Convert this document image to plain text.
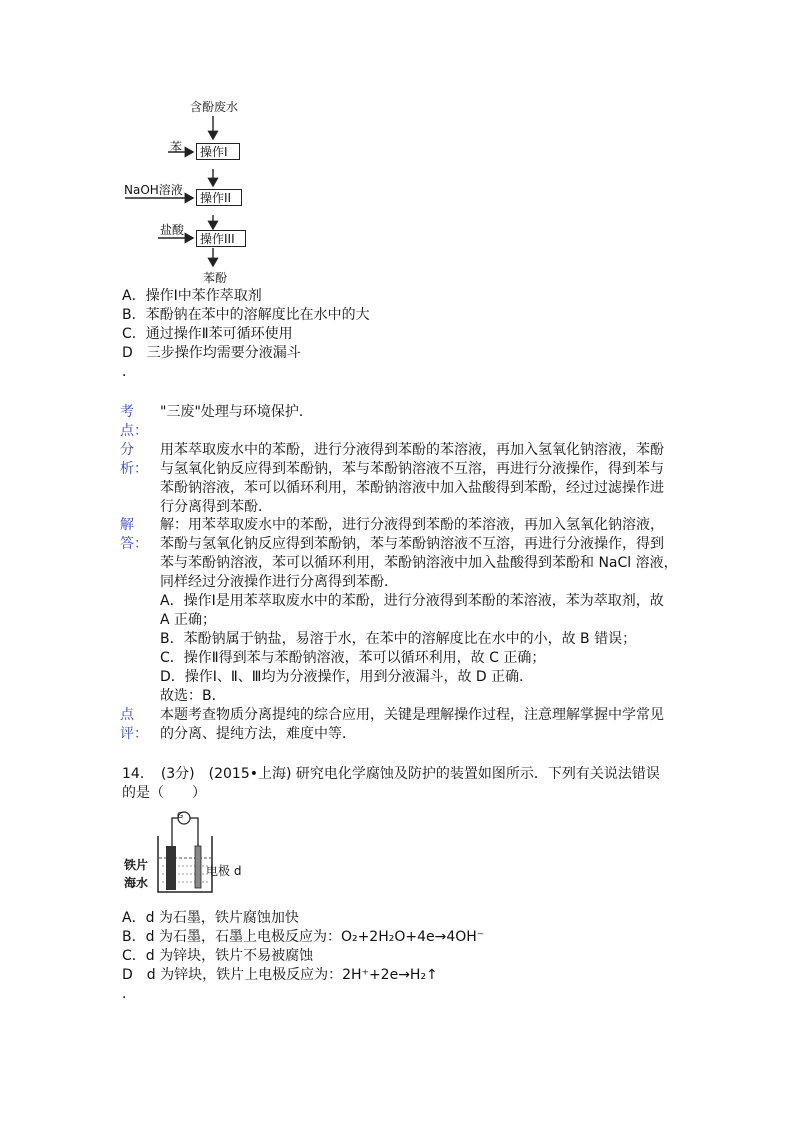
含酚废水
操作I
苯
操作II
NaOH溶液
操作III
盐酸
苯酚
A．操作Ⅰ中苯作萃取剂
B．苯酚钠在苯中的溶解度比在水中的大
C．通过操作Ⅱ苯可循环使用
D　三步操作均需要分液漏斗
．
考
点：
"三废"处理与环境保护．
分
析：
用苯萃取废水中的苯酚，进行分液得到苯酚的苯溶液，再加入氢氧化钠溶液，苯酚
与氢氧化钠反应得到苯酚钠，苯与苯酚钠溶液不互溶，再进行分液操作，得到苯与
苯酚钠溶液，苯可以循环利用，苯酚钠溶液中加入盐酸得到苯酚，经过过滤操作进
行分离得到苯酚．
解
答：
解：用苯萃取废水中的苯酚，进行分液得到苯酚的苯溶液，再加入氢氧化钠溶液，
苯酚与氢氧化钠反应得到苯酚钠，苯与苯酚钠溶液不互溶，再进行分液操作，得到
苯与苯酚钠溶液，苯可以循环利用，苯酚钠溶液中加入盐酸得到苯酚和 NaCl 溶液，
同样经过分液操作进行分离得到苯酚．
A．操作Ⅰ是用苯萃取废水中的苯酚，进行分液得到苯酚的苯溶液，苯为萃取剂，故
A 正确；
B．苯酚钠属于钠盐，易溶于水，在苯中的溶解度比在水中的小，故 B 错误；
C．操作Ⅱ得到苯与苯酚钠溶液，苯可以循环利用，故 C 正确；
D．操作Ⅰ、Ⅱ、Ⅲ均为分液操作，用到分液漏斗，故 D 正确．
故选：B．
点
评：
本题考查物质分离提纯的综合应用，关键是理解操作过程，注意理解掌握中学常见
的分离、提纯方法，难度中等．
14．　(3分)　(2015•上海) 研究电化学腐蚀及防护的装置如图所示．下列有关说法错误
的是（　　）
G
铁片
海水
电极 d
A．d 为石墨，铁片腐蚀加快
B．d 为石墨，石墨上电极反应为：O₂+2H₂O+4e→4OH⁻
C．d 为锌块，铁片不易被腐蚀
D　d 为锌块，铁片上电极反应为：2H⁺+2e→H₂↑
．
